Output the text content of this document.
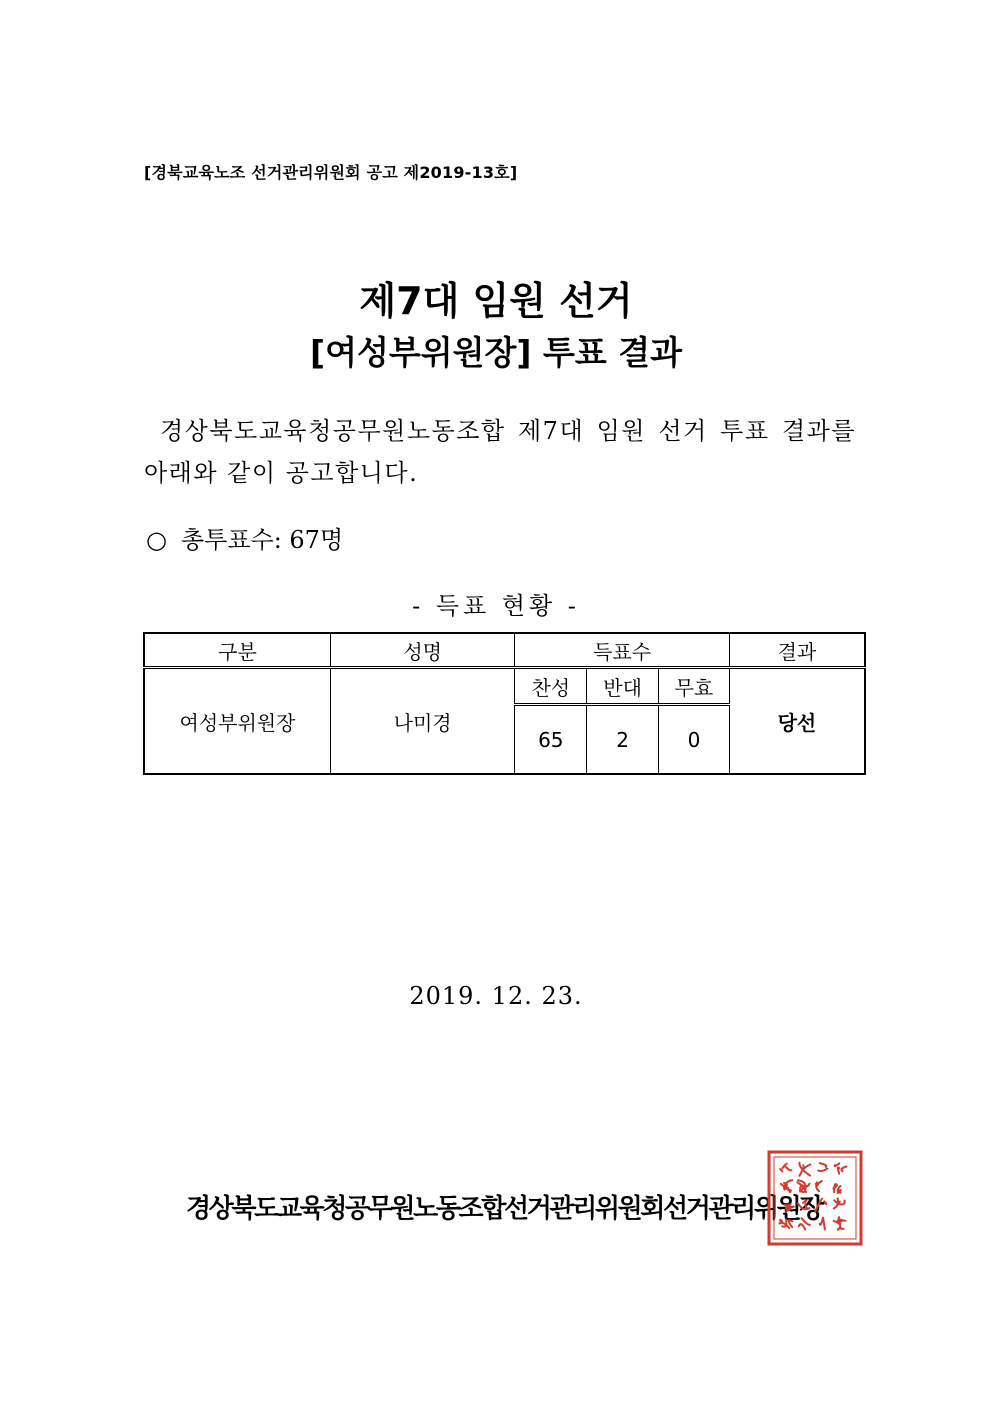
[경북교육노조 선거관리위원회 공고 제2019-13호]
제7대 임원 선거
[여성부위원장] 투표 결과
경상북도교육청공무원노동조합 제7대 임원 선거 투표 결과를 아래와 같이 공고합니다.
○ 총투표수: 67명
- 득표 현황 -
구분	성명	득표수			결과
여성부위원장	나미경	찬성	반대	무효	당선
		65	2	0	
2019. 12. 23.
경상북도교육청공무원노동조합선거관리위원회선거관리위원장
